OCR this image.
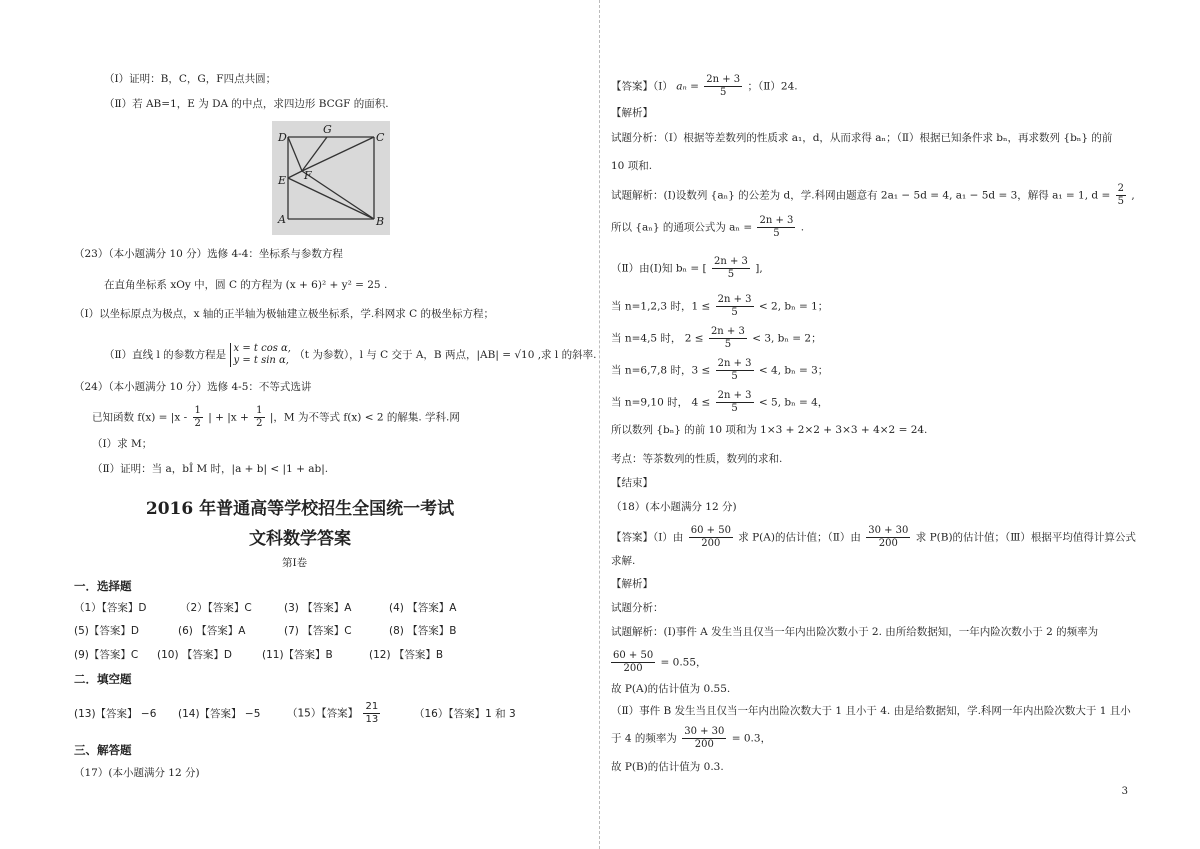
（Ⅰ）证明：B，C，G，F四点共圆；
（Ⅱ）若 AB=1，E 为 DA 的中点，求四边形 BCGF 的面积.
D
G
C
E F
A	B
（23）（本小题满分 10 分）选修 4-4：坐标系与参数方程
在直角坐标系 xOy 中，圆 C 的方程为 (x + 6)² + y² = 25 .
（Ⅰ）以坐标原点为极点，x 轴的正半轴为极轴建立极坐标系，学.科网求 C 的极坐标方程；
（Ⅱ）直线 l 的参数方程是
x = t cos α,
y = t sin α, （t 为参数），l 与 C 交于 A，B 两点，|AB| = √10 ,求 l 的斜率.
（24）（本小题满分 10 分）选修 4-5：不等式选讲
已知函数 $f(x) = |x - \frac{1}{2}$ | + $|x + \frac{1}{2}$ |，M 为不等式 f(x) < 2 的解集. 学科.网
（Ⅰ）求 M；
（Ⅱ）证明：当 a，bÎ M 时，|a + b| < |1 + ab|.
2016 年普通高等学校招生全国统一考试
文科数学答案
第Ⅰ卷
一．选择题
（1）【答案】D	（2）【答案】C	(3) 【答案】A	(4) 【答案】A
(5)【答案】D	(6) 【答案】A	(7) 【答案】C	(8) 【答案】B
(9)【答案】C (10) 【答案】D	(11)【答案】B	(12) 【答案】B
二．填空题
(13)【答案】 −6 (14)【答案】 −5	（15）【答案】 $\frac{21}{13}$	（16）【答案】1 和 3
三、解答题
（17）(本小题满分 12 分)
【答案】（Ⅰ） $a_n = \frac{2n + 3}{5}$ ；（Ⅱ）24.
【解析】
试题分析：（Ⅰ）根据等差数列的性质求 a₁，d，从而求得 aₙ；（Ⅱ）根据已知条件求 bₙ，再求数列 {bₙ} 的前
10 项和.
试题解析：(Ⅰ)设数列 {aₙ} 的公差为 d，学.科网由题意有 2a₁ − 5d = 4, a₁ − 5d = 3，解得 a₁ = 1, $d = \frac{2}{5}$ ,
所以 {aₙ} 的通项公式为 $a_n = \frac{2n + 3}{5}$ .
（Ⅱ）由(Ⅰ)知 bₙ = [ $\frac{2n + 3}{5}$ ],
当 n=1,2,3 时，$1 \le \frac{2n + 3}{5} < 2$, bₙ = 1；
当 n=4,5 时， $2 \le \frac{2n + 3}{5} < 3$, bₙ = 2；
当 n=6,7,8 时，$3 \le \frac{2n + 3}{5} < 4$, bₙ = 3；
当 n=9,10 时， $4 \le \frac{2n + 3}{5} < 5$, bₙ = 4，
所以数列 {bₙ} 的前 10 项和为 1×3 + 2×2 + 3×3 + 4×2 = 24.
考点：等茶数列的性质，数列的求和.
【结束】
（18）(本小题满分 12 分)
【答案】（Ⅰ）由 $\frac{60 + 50}{200}$ 求 P(A)的估计值；（Ⅱ）由 $\frac{30 + 30}{200}$ 求 P(B)的估计值；（Ⅲ）根据平均值得计算公式
求解.
【解析】
试题分析：
试题解析：(Ⅰ)事件 A 发生当且仅当一年内出险次数小于 2. 由所给数据知，一年内险次数小于 2 的频率为
$\frac{60 + 50}{200} = 0.55$，
故 P(A)的估计值为 0.55.
（Ⅱ）事件 B 发生当且仅当一年内出险次数大于 1 且小于 4. 由是给数据知，学.科网一年内出险次数大于 1 且小
于 4 的频率为 $\frac{30 + 30}{200} = 0.3$，
故 P(B)的估计值为 0.3.
3
